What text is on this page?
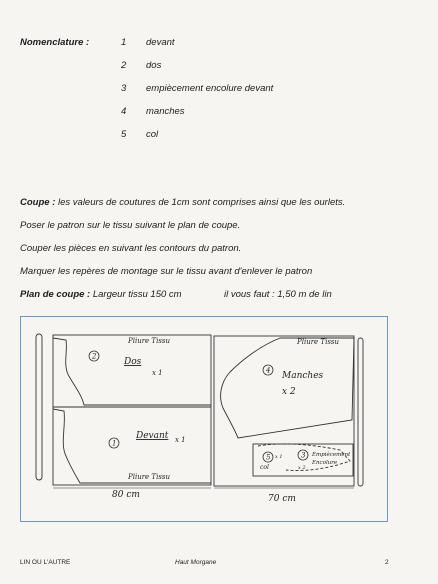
Nomenclature :	1 devant
2 dos
3 empiècement encolure devant
4 manches
5 col
Coupe : les valeurs de coutures de 1cm sont comprises ainsi que les ourlets.
Poser le patron sur le tissu suivant le plan de coupe.
Couper les pièces en suivant les contours du patron.
Marquer les repères de montage sur le tissu avant d'enlever le patron
Plan de coupe : Largeur tissu 150 cm	il vous faut : 1,50 m de lin
Pliure Tissu
2
Dos
x 1
1
Devant x 1
Pliure Tissu
80 cm
Pliure Tissu
4
Manches
x 2
5 x 1
col
3 Empiècement
Encolure
x 2
70 cm
LIN OU L'AUTRE	Haut Morgane	2
